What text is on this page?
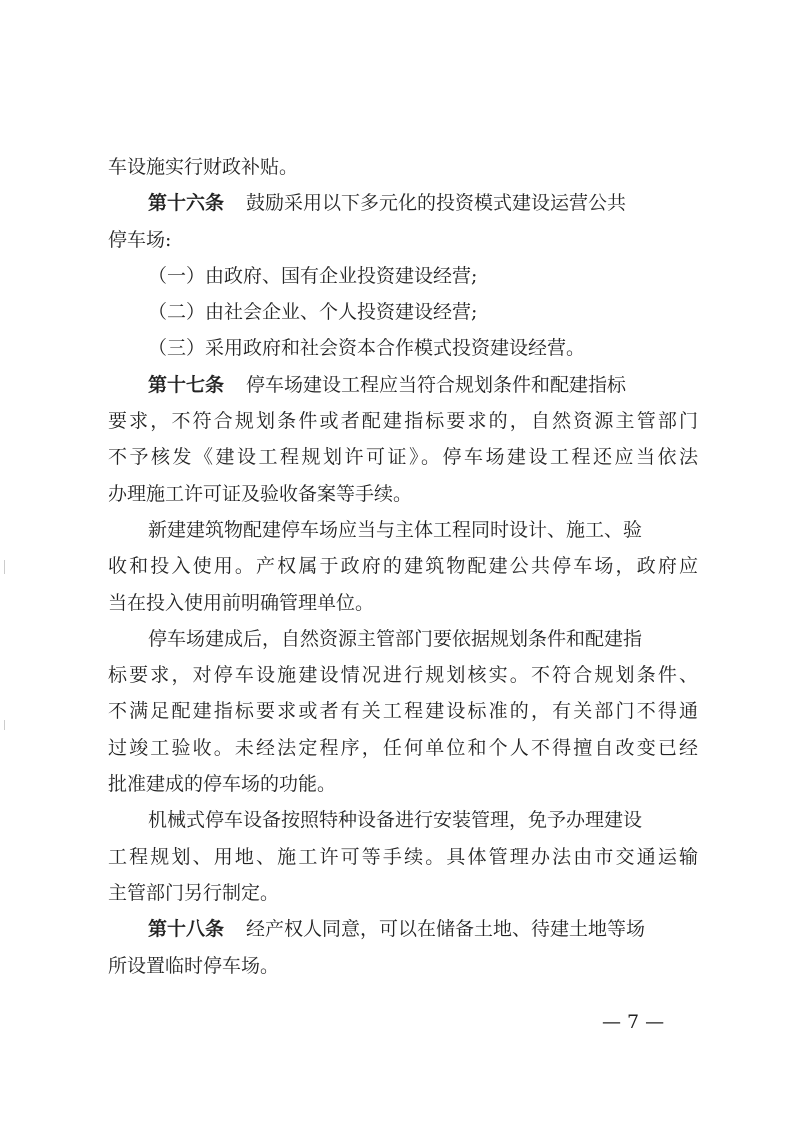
车设施实行财政补贴。
第十六条 鼓励采用以下多元化的投资模式建设运营公共
停车场:
（一）由政府、国有企业投资建设经营;
（二）由社会企业、个人投资建设经营;
（三）采用政府和社会资本合作模式投资建设经营。
第十七条 停车场建设工程应当符合规划条件和配建指标
要求，不符合规划条件或者配建指标要求的，自然资源主管部门
不予核发《建设工程规划许可证》。停车场建设工程还应当依法
办理施工许可证及验收备案等手续。
新建建筑物配建停车场应当与主体工程同时设计、施工、验
收和投入使用。产权属于政府的建筑物配建公共停车场，政府应
当在投入使用前明确管理单位。
停车场建成后，自然资源主管部门要依据规划条件和配建指
标要求，对停车设施建设情况进行规划核实。不符合规划条件、
不满足配建指标要求或者有关工程建设标准的，有关部门不得通
过竣工验收。未经法定程序，任何单位和个人不得擅自改变已经
批准建成的停车场的功能。
机械式停车设备按照特种设备进行安装管理，免予办理建设
工程规划、用地、施工许可等手续。具体管理办法由市交通运输
主管部门另行制定。
第十八条 经产权人同意，可以在储备土地、待建土地等场
所设置临时停车场。
— 7 —
